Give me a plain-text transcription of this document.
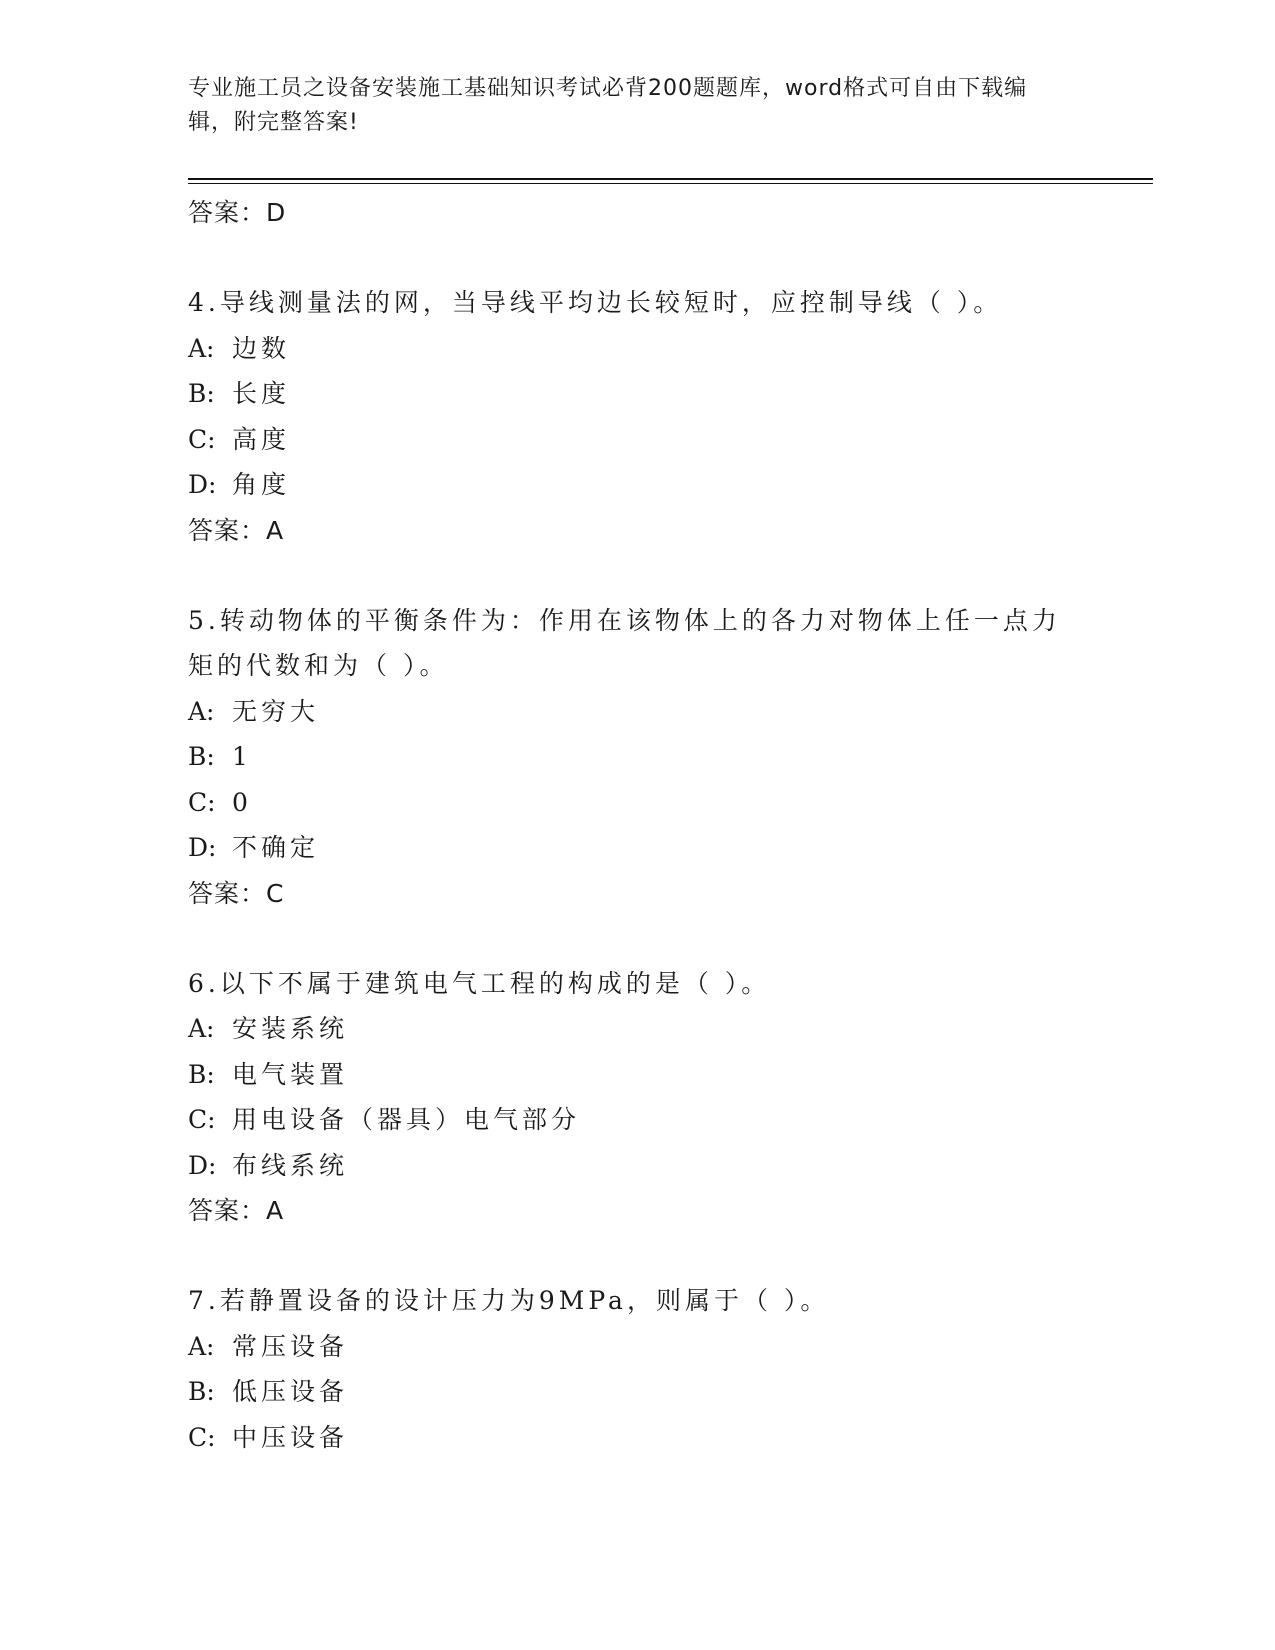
专业施工员之设备安装施工基础知识考试必背200题题库，word格式可自由下载编辑，附完整答案!
答案：D
4.导线测量法的网，当导线平均边长较短时，应控制导线（ ）。
A: 边数
B: 长度
C: 高度
D: 角度
答案：A
5.转动物体的平衡条件为：作用在该物体上的各力对物体上任一点力矩的代数和为（ ）。
A: 无穷大
B: 1
C: 0
D: 不确定
答案：C
6.以下不属于建筑电气工程的构成的是（ ）。
A: 安装系统
B: 电气装置
C: 用电设备（器具）电气部分
D: 布线系统
答案：A
7.若静置设备的设计压力为9MPa，则属于（ ）。
A: 常压设备
B: 低压设备
C: 中压设备
